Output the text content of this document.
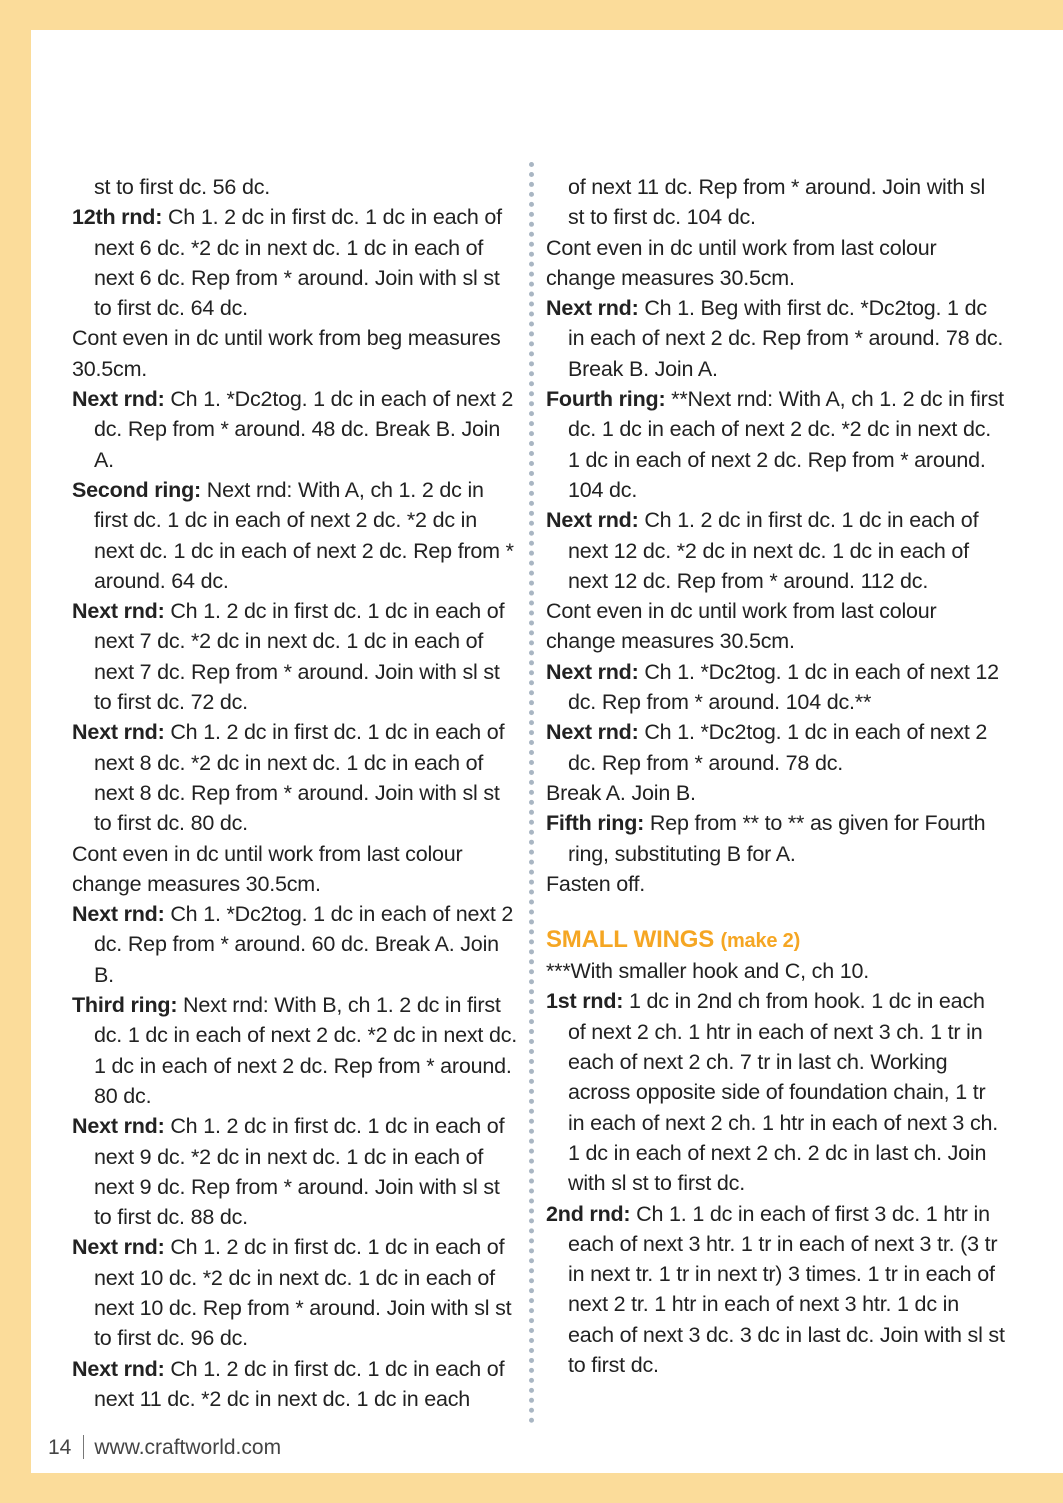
st to first dc. 56 dc.

12th rnd: Ch 1. 2 dc in first dc. 1 dc in each of next 6 dc. *2 dc in next dc. 1 dc in each of next 6 dc. Rep from * around. Join with sl st to first dc. 64 dc.

Cont even in dc until work from beg measures 30.5cm.

Next rnd: Ch 1. *Dc2tog. 1 dc in each of next 2 dc. Rep from * around. 48 dc. Break B. Join A.

Second ring: Next rnd: With A, ch 1. 2 dc in first dc. 1 dc in each of next 2 dc. *2 dc in next dc. 1 dc in each of next 2 dc. Rep from * around. 64 dc.

Next rnd: Ch 1. 2 dc in first dc. 1 dc in each of next 7 dc. *2 dc in next dc. 1 dc in each of next 7 dc. Rep from * around. Join with sl st to first dc. 72 dc.

Next rnd: Ch 1. 2 dc in first dc. 1 dc in each of next 8 dc. *2 dc in next dc. 1 dc in each of next 8 dc. Rep from * around. Join with sl st to first dc. 80 dc.

Cont even in dc until work from last colour change measures 30.5cm.

Next rnd: Ch 1. *Dc2tog. 1 dc in each of next 2 dc. Rep from * around. 60 dc. Break A. Join B.

Third ring: Next rnd: With B, ch 1. 2 dc in first dc. 1 dc in each of next 2 dc. *2 dc in next dc. 1 dc in each of next 2 dc. Rep from * around. 80 dc.

Next rnd: Ch 1. 2 dc in first dc. 1 dc in each of next 9 dc. *2 dc in next dc. 1 dc in each of next 9 dc. Rep from * around. Join with sl st to first dc. 88 dc.

Next rnd: Ch 1. 2 dc in first dc. 1 dc in each of next 10 dc. *2 dc in next dc. 1 dc in each of next 10 dc. Rep from * around. Join with sl st to first dc. 96 dc.

Next rnd: Ch 1. 2 dc in first dc. 1 dc in each of next 11 dc. *2 dc in next dc. 1 dc in each

of next 11 dc. Rep from * around. Join with sl st to first dc. 104 dc.

Cont even in dc until work from last colour change measures 30.5cm.

Next rnd: Ch 1. Beg with first dc. *Dc2tog. 1 dc in each of next 2 dc. Rep from * around. 78 dc. Break B. Join A.

Fourth ring: **Next rnd: With A, ch 1. 2 dc in first dc. 1 dc in each of next 2 dc. *2 dc in next dc. 1 dc in each of next 2 dc. Rep from * around. 104 dc.

Next rnd: Ch 1. 2 dc in first dc. 1 dc in each of next 12 dc. *2 dc in next dc. 1 dc in each of next 12 dc. Rep from * around. 112 dc.

Cont even in dc until work from last colour change measures 30.5cm.

Next rnd: Ch 1. *Dc2tog. 1 dc in each of next 12 dc. Rep from * around. 104 dc.**

Next rnd: Ch 1. *Dc2tog. 1 dc in each of next 2 dc. Rep from * around. 78 dc.

Break A. Join B.

Fifth ring: Rep from ** to ** as given for Fourth ring, substituting B for A.

Fasten off.

SMALL WINGS (make 2)

***With smaller hook and C, ch 10.

1st rnd: 1 dc in 2nd ch from hook. 1 dc in each of next 2 ch. 1 htr in each of next 3 ch. 1 tr in each of next 2 ch. 7 tr in last ch. Working across opposite side of foundation chain, 1 tr in each of next 2 ch. 1 htr in each of next 3 ch. 1 dc in each of next 2 ch. 2 dc in last ch. Join with sl st to first dc.

2nd rnd: Ch 1. 1 dc in each of first 3 dc. 1 htr in each of next 3 htr. 1 tr in each of next 3 tr. (3 tr in next tr. 1 tr in next tr) 3 times. 1 tr in each of next 2 tr. 1 htr in each of next 3 htr. 1 dc in each of next 3 dc. 3 dc in last dc. Join with sl st to first dc.

14 www.craftworld.com
